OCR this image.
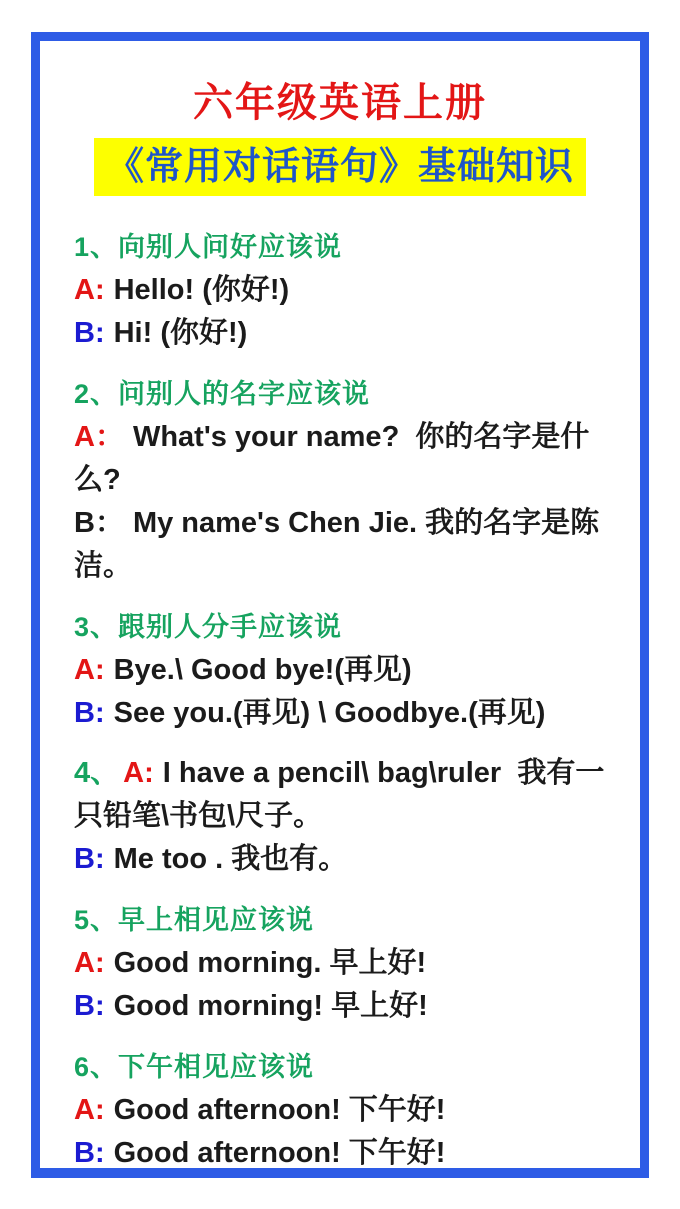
六年级英语上册
《常用对话语句》基础知识
1、向别人问好应该说
A: Hello! (你好!)
B: Hi! (你好!)
2、问别人的名字应该说
A： What's your name?  你的名字是什么?
B： My name's Chen Jie. 我的名字是陈洁。
3、跟别人分手应该说
A: Bye.\ Good bye!(再见)
B: See you.(再见) \ Goodbye.(再见)
4、 A: I have a pencil\ bag\ruler  我有一只铅笔\书包\尺子。
B: Me too . 我也有。
5、早上相见应该说
A: Good morning. 早上好!
B: Good morning! 早上好!
6、下午相见应该说
A: Good afternoon! 下午好!
B: Good afternoon! 下午好!
